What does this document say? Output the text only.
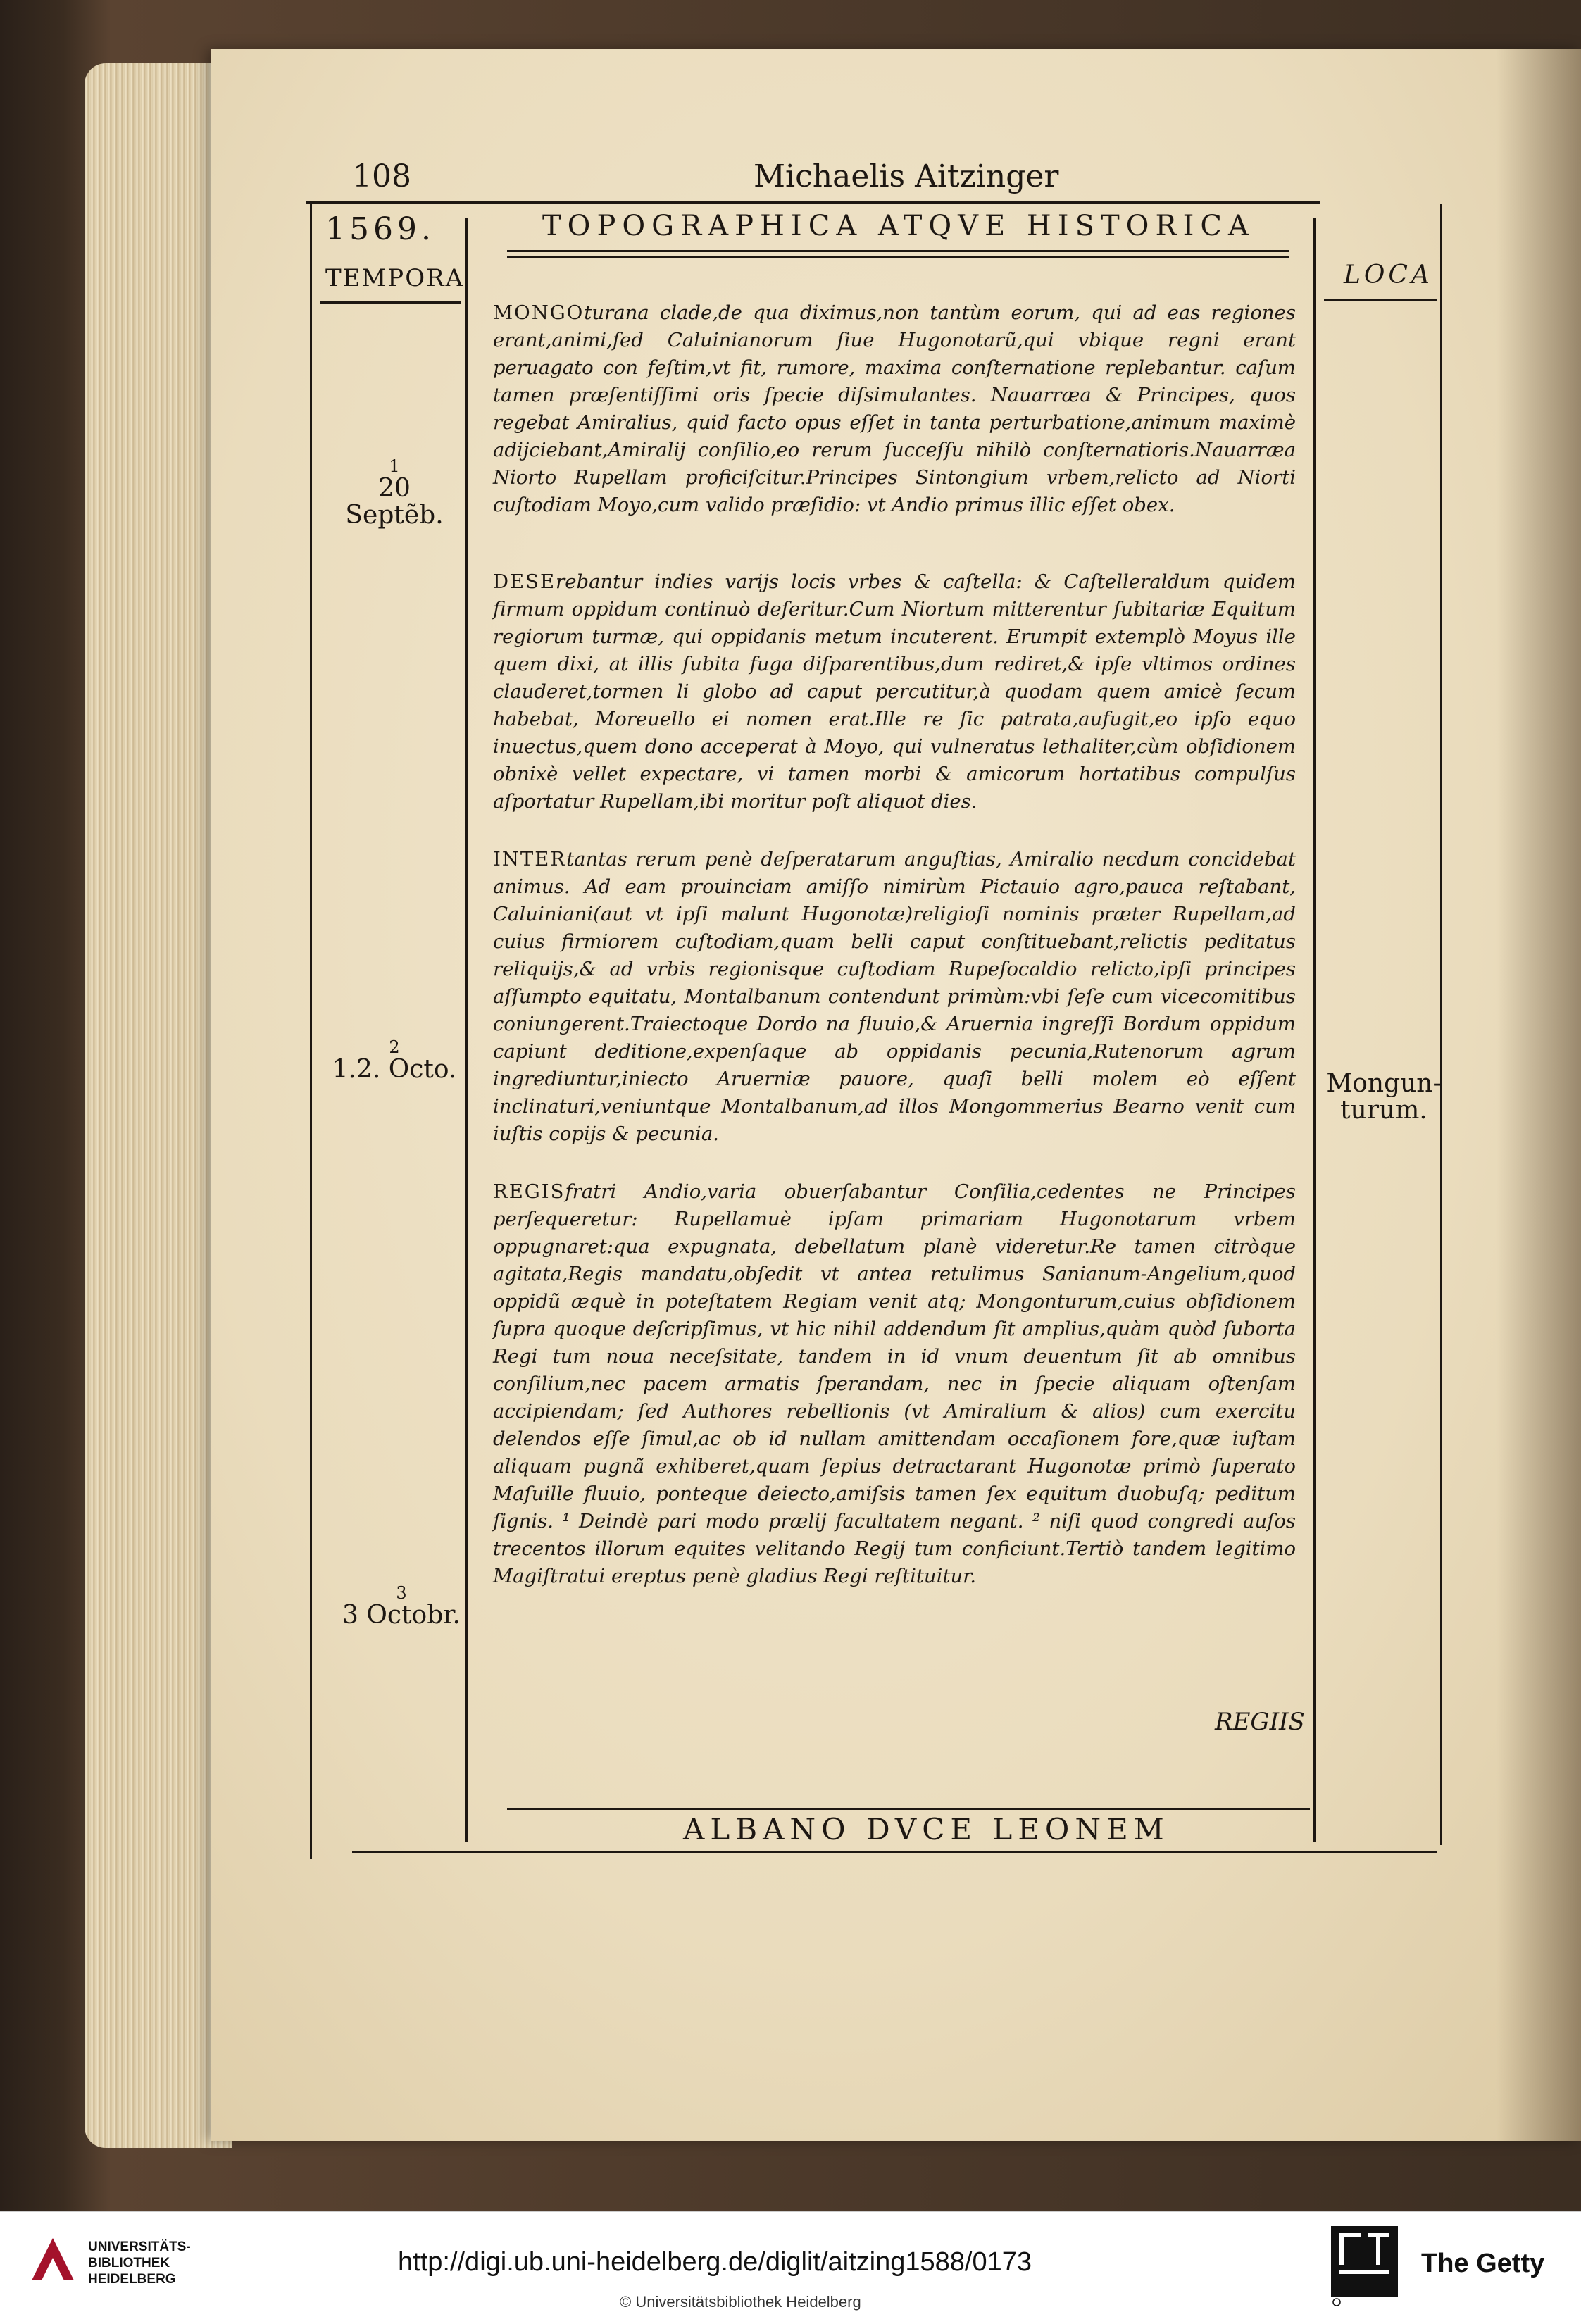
108	Michaelis Aitzinger
1569.	TOPOGRAPHICA ATQVE HISTORICA
TEMPORA	LOCA
1
20 Septẽb.
2
1.2. Octo.
3
3 Octobr.
Mongun-
turum.

MONGOturana clade,de qua diximus,non tantùm eorum, qui ad eas regiones erant,animi,ſed Caluinianorum ſiue Hugonotarũ,qui vbique regni erant peruagato con feſtim,vt fit, rumore, maxima conſternatione replebantur. caſum tamen præſentiſſimi oris ſpecie diſsimulantes. Nauarræa & Principes, quos regebat Amiralius, quid facto opus eſſet in tanta perturbatione,animum maximè adijciebant,Amiralij conſilio,eo rerum ſucceſſu nihilò conſternatioris.Nauarræa Niorto Rupellam proficiſcitur.Principes Sintongium vrbem,relicto ad Niorti cuſtodiam Moyo,cum valido præſidio: vt Andio primus illic eſſet obex.

DESErebantur indies varijs locis vrbes & caſtella: & Caſtelleraldum quidem firmum oppidum continuò deſeritur.Cum Niortum mitterentur ſubitariæ Equitum regiorum turmæ, qui oppidanis metum incuterent. Erumpit extemplò Moyus ille quem dixi, at illis ſubita fuga diſparentibus,dum rediret,& ipſe vltimos ordines clauderet,tormen li globo ad caput percutitur,à quodam quem amicè ſecum habebat, Moreuello ei nomen erat.Ille re ſic patrata,aufugit,eo ipſo equo inuectus,quem dono acceperat à Moyo, qui vulneratus lethaliter,cùm obſidionem obnixè vellet expectare, vi tamen morbi & amicorum hortatibus compulſus aſportatur Rupellam,ibi moritur poſt aliquot dies.

INTERtantas rerum penè deſperatarum anguſtias, Amiralio necdum concidebat animus. Ad eam prouinciam amiſſo nimirùm Pictauio agro,pauca reſtabant, Caluiniani(aut vt ipſi malunt Hugonotæ)religioſi nominis præter Rupellam,ad cuius firmiorem cuſtodiam,quam belli caput conſtituebant,relictis peditatus reliquijs,& ad vrbis regionisque cuſtodiam Rupeſocaldio relicto,ipſi principes aſſumpto equitatu, Montalbanum contendunt primùm:vbi ſeſe cum vicecomitibus coniungerent.Traiectoque Dordo na fluuio,& Aruernia ingreſſi Bordum oppidum capiunt deditione,expenſaque ab oppidanis pecunia,Rutenorum agrum ingrediuntur,iniecto Aruerniæ pauore, quaſi belli molem eò eſſent inclinaturi,veniuntque Montalbanum,ad illos Mongommerius Bearno venit cum iuſtis copijs & pecunia.

REGISfratri Andio,varia obuerſabantur Conſilia,cedentes ne Principes perſequeretur: Rupellamuè ipſam primariam Hugonotarum vrbem oppugnaret:qua expugnata, debellatum planè videretur.Re tamen citròque agitata,Regis mandatu,obſedit vt antea retulimus Sanianum-Angelium,quod oppidũ æquè in poteſtatem Regiam venit atq; Mongonturum,cuius obſidionem ſupra quoque deſcripſimus, vt hic nihil addendum ſit amplius,quàm quòd ſuborta Regi tum noua neceſsitate, tandem in id vnum deuentum ſit ab omnibus conſilium,nec pacem armatis ſperandam, nec in ſpecie aliquam oſtenſam accipiendam; ſed Authores rebellionis (vt Amiralium & alios) cum exercitu delendos eſſe ſimul,ac ob id nullam amittendam occaſionem fore,quæ iuſtam aliquam pugnã exhiberet,quam ſepius detractarant Hugonotæ primò ſuperato Maſuille fluuio, ponteque deiecto,amiſsis tamen ſex equitum duobuſq; peditum ſignis. ¹ Deindè pari modo prælij facultatem negant. ² niſi quod congredi auſos trecentos illorum equites velitando Regij tum conficiunt.Tertiò tandem legitimo Magiſtratui ereptus penè gladius Regi reſtituitur.

REGIIS
ALBANO DVCE LEONEM
UNIVERSITÄTS-
BIBLIOTHEK
HEIDELBERG
http://digi.ub.uni-heidelberg.de/diglit/aitzing1588/0173
© Universitätsbibliothek Heidelberg
The Getty
